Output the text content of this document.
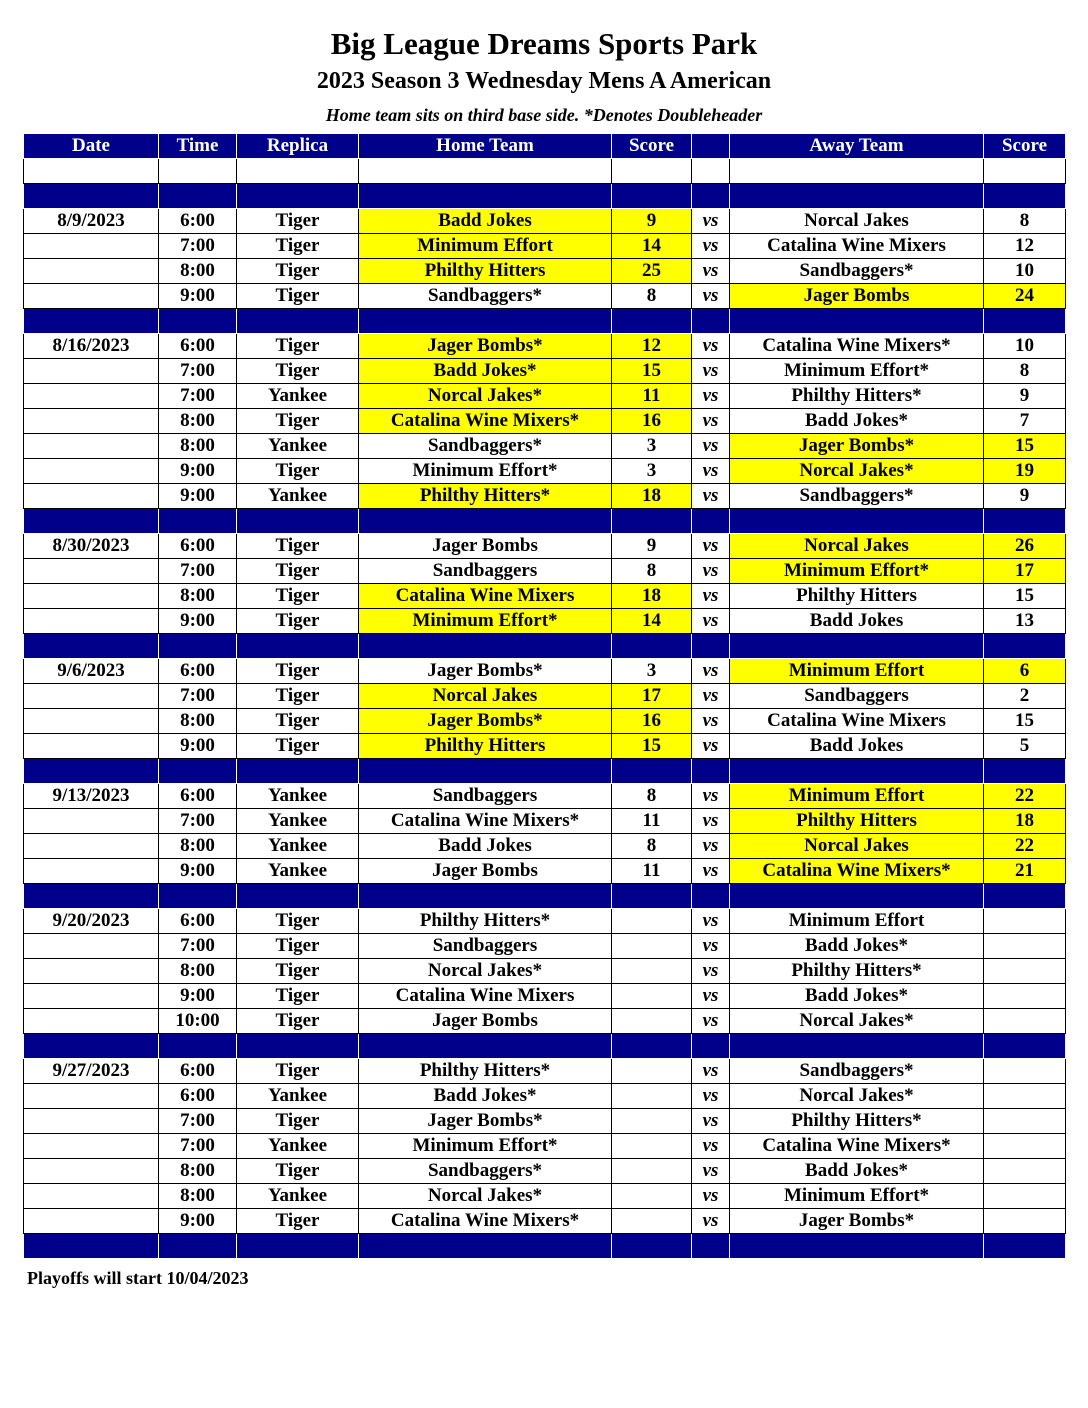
Big League Dreams Sports Park
2023 Season 3 Wednesday Mens A American
Home team sits on third base side. *Denotes Doubleheader
Date	Time	Replica	Home Team	Score		Away Team	Score

8/9/2023	6:00	Tiger	Badd Jokes	9	vs	Norcal Jakes	8
	7:00	Tiger	Minimum Effort	14	vs	Catalina Wine Mixers	12
	8:00	Tiger	Philthy Hitters	25	vs	Sandbaggers*	10
	9:00	Tiger	Sandbaggers*	8	vs	Jager Bombs	24

8/16/2023	6:00	Tiger	Jager Bombs*	12	vs	Catalina Wine Mixers*	10
	7:00	Tiger	Badd Jokes*	15	vs	Minimum Effort*	8
	7:00	Yankee	Norcal Jakes*	11	vs	Philthy Hitters*	9
	8:00	Tiger	Catalina Wine Mixers*	16	vs	Badd Jokes*	7
	8:00	Yankee	Sandbaggers*	3	vs	Jager Bombs*	15
	9:00	Tiger	Minimum Effort*	3	vs	Norcal Jakes*	19
	9:00	Yankee	Philthy Hitters*	18	vs	Sandbaggers*	9

8/30/2023	6:00	Tiger	Jager Bombs	9	vs	Norcal Jakes	26
	7:00	Tiger	Sandbaggers	8	vs	Minimum Effort*	17
	8:00	Tiger	Catalina Wine Mixers	18	vs	Philthy Hitters	15
	9:00	Tiger	Minimum Effort*	14	vs	Badd Jokes	13

9/6/2023	6:00	Tiger	Jager Bombs*	3	vs	Minimum Effort	6
	7:00	Tiger	Norcal Jakes	17	vs	Sandbaggers	2
	8:00	Tiger	Jager Bombs*	16	vs	Catalina Wine Mixers	15
	9:00	Tiger	Philthy Hitters	15	vs	Badd Jokes	5

9/13/2023	6:00	Yankee	Sandbaggers	8	vs	Minimum Effort	22
	7:00	Yankee	Catalina Wine Mixers*	11	vs	Philthy Hitters	18
	8:00	Yankee	Badd Jokes	8	vs	Norcal Jakes	22
	9:00	Yankee	Jager Bombs	11	vs	Catalina Wine Mixers*	21

9/20/2023	6:00	Tiger	Philthy Hitters*		vs	Minimum Effort	
	7:00	Tiger	Sandbaggers		vs	Badd Jokes*	
	8:00	Tiger	Norcal Jakes*		vs	Philthy Hitters*	
	9:00	Tiger	Catalina Wine Mixers		vs	Badd Jokes*	
	10:00	Tiger	Jager Bombs		vs	Norcal Jakes*	

9/27/2023	6:00	Tiger	Philthy Hitters*		vs	Sandbaggers*	
	6:00	Yankee	Badd Jokes*		vs	Norcal Jakes*	
	7:00	Tiger	Jager Bombs*		vs	Philthy Hitters*	
	7:00	Yankee	Minimum Effort*		vs	Catalina Wine Mixers*	
	8:00	Tiger	Sandbaggers*		vs	Badd Jokes*	
	8:00	Yankee	Norcal Jakes*		vs	Minimum Effort*	
	9:00	Tiger	Catalina Wine Mixers*		vs	Jager Bombs*	

Playoffs will start 10/04/2023
